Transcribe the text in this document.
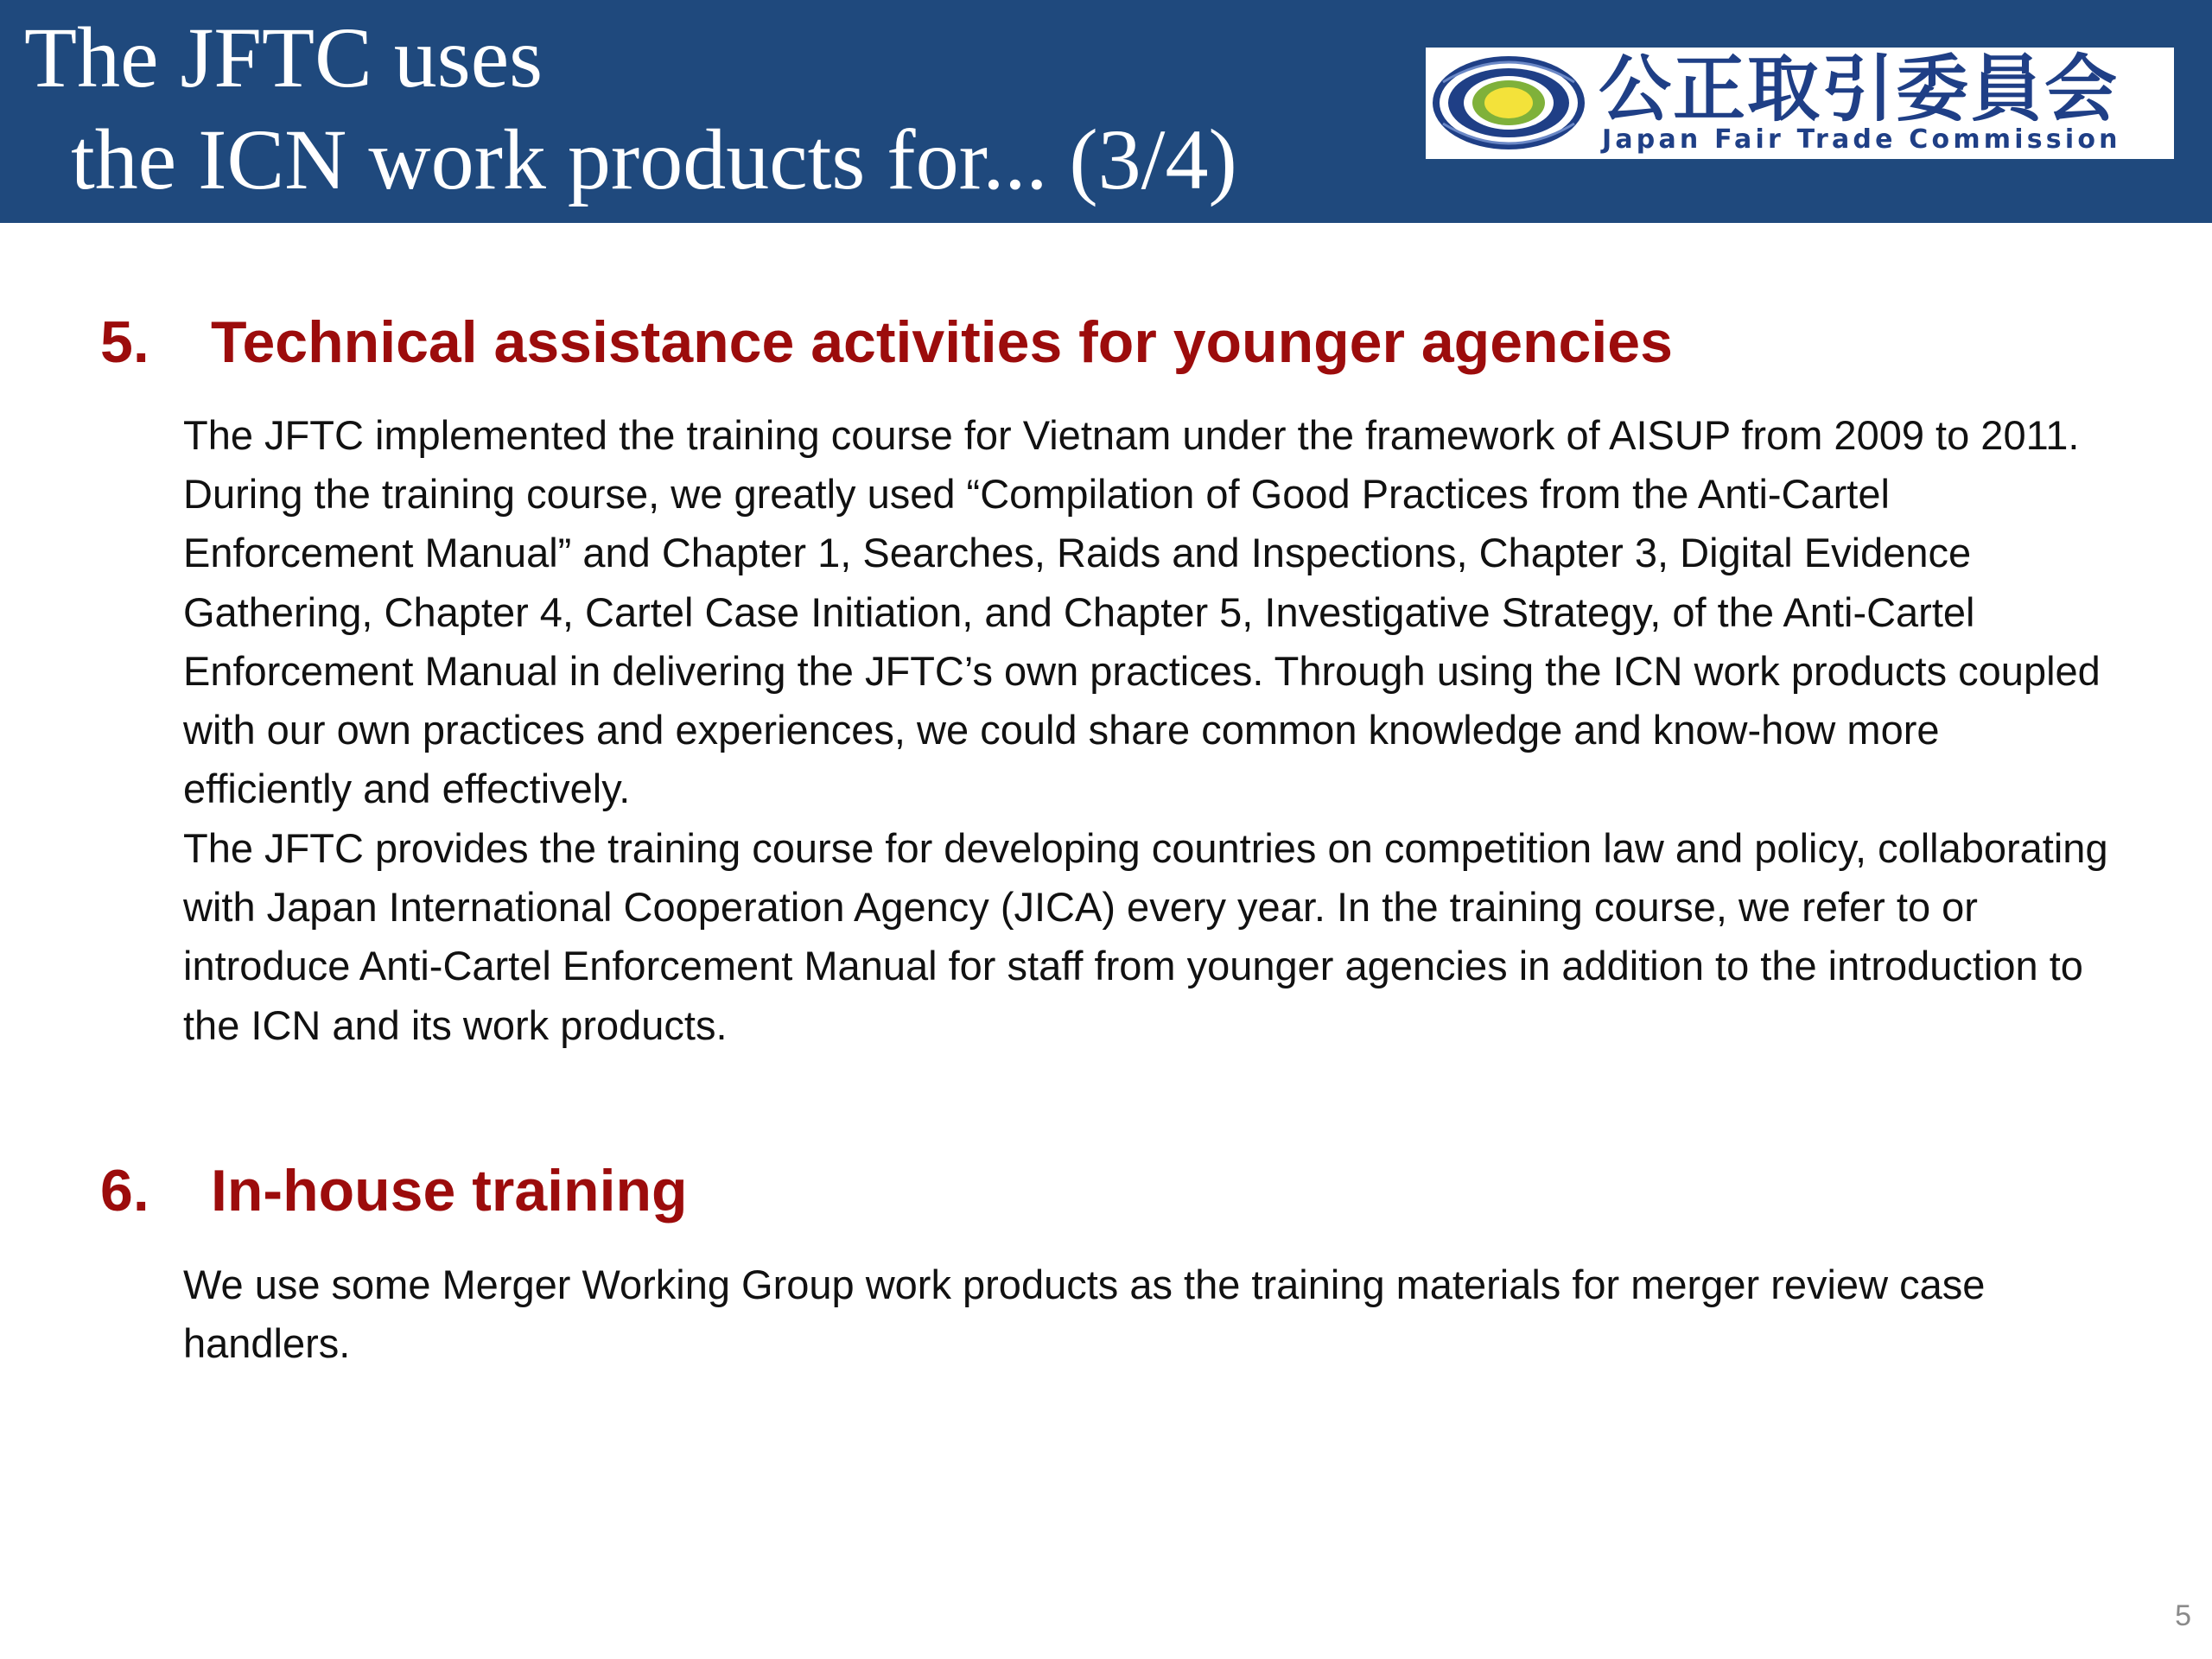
The JFTC uses
the ICN work products for... (3/4)
公正取引委員会
Japan Fair Trade Commission
5. Technical assistance activities for younger agencies

The JFTC implemented the training course for Vietnam under the framework of AISUP from 2009 to 2011. During the training course, we greatly used “Compilation of Good Practices from the Anti-Cartel Enforcement Manual” and Chapter 1, Searches, Raids and Inspections, Chapter 3, Digital Evidence Gathering, Chapter 4, Cartel Case Initiation, and Chapter 5, Investigative Strategy, of the Anti-Cartel Enforcement Manual in delivering the JFTC’s own practices. Through using the ICN work products coupled with our own practices and experiences, we could share common knowledge and know-how more efficiently and effectively.

The JFTC provides the training course for developing countries on competition law and policy, collaborating with Japan International Cooperation Agency (JICA) every year. In the training course, we refer to or introduce Anti-Cartel Enforcement Manual for staff from younger agencies in addition to the introduction to the ICN and its work products.

6. In-house training

We use some Merger Working Group work products as the training materials for merger review case handlers.

5
